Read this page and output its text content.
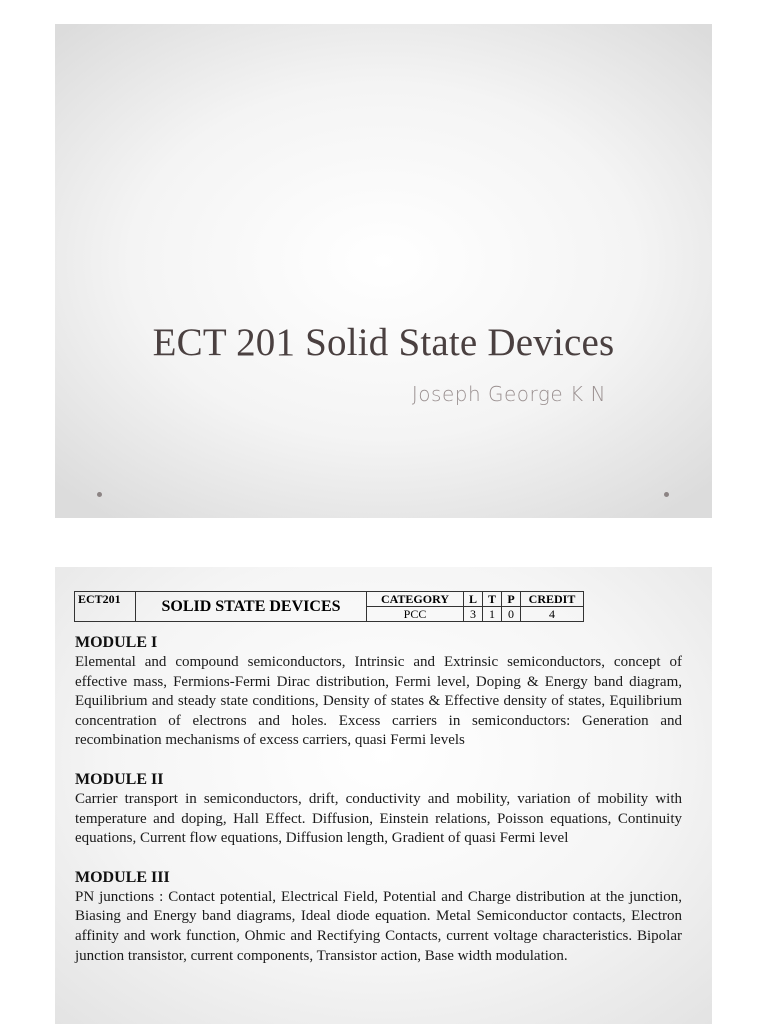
ECT 201 Solid State Devices
Joseph George K N
ECT201	SOLID STATE DEVICES	CATEGORY	L	T	P	CREDIT
		PCC	3	1	0	4

MODULE I

Elemental and compound semiconductors, Intrinsic and Extrinsic semiconductors, concept of effective mass, Fermions-Fermi Dirac distribution, Fermi level, Doping & Energy band diagram, Equilibrium and steady state conditions, Density of states & Effective density of states, Equilibrium concentration of electrons and holes. Excess carriers in semiconductors: Generation and recombination mechanisms of excess carriers, quasi Fermi levels

MODULE II

Carrier transport in semiconductors, drift, conductivity and mobility, variation of mobility with temperature and doping, Hall Effect. Diffusion, Einstein relations, Poisson equations, Continuity equations, Current flow equations, Diffusion length, Gradient of quasi Fermi level

MODULE III

PN junctions : Contact potential, Electrical Field, Potential and Charge distribution at the junction, Biasing and Energy band diagrams, Ideal diode equation. Metal Semiconductor contacts, Electron affinity and work function, Ohmic and Rectifying Contacts, current voltage characteristics. Bipolar junction transistor, current components, Transistor action, Base width modulation.
